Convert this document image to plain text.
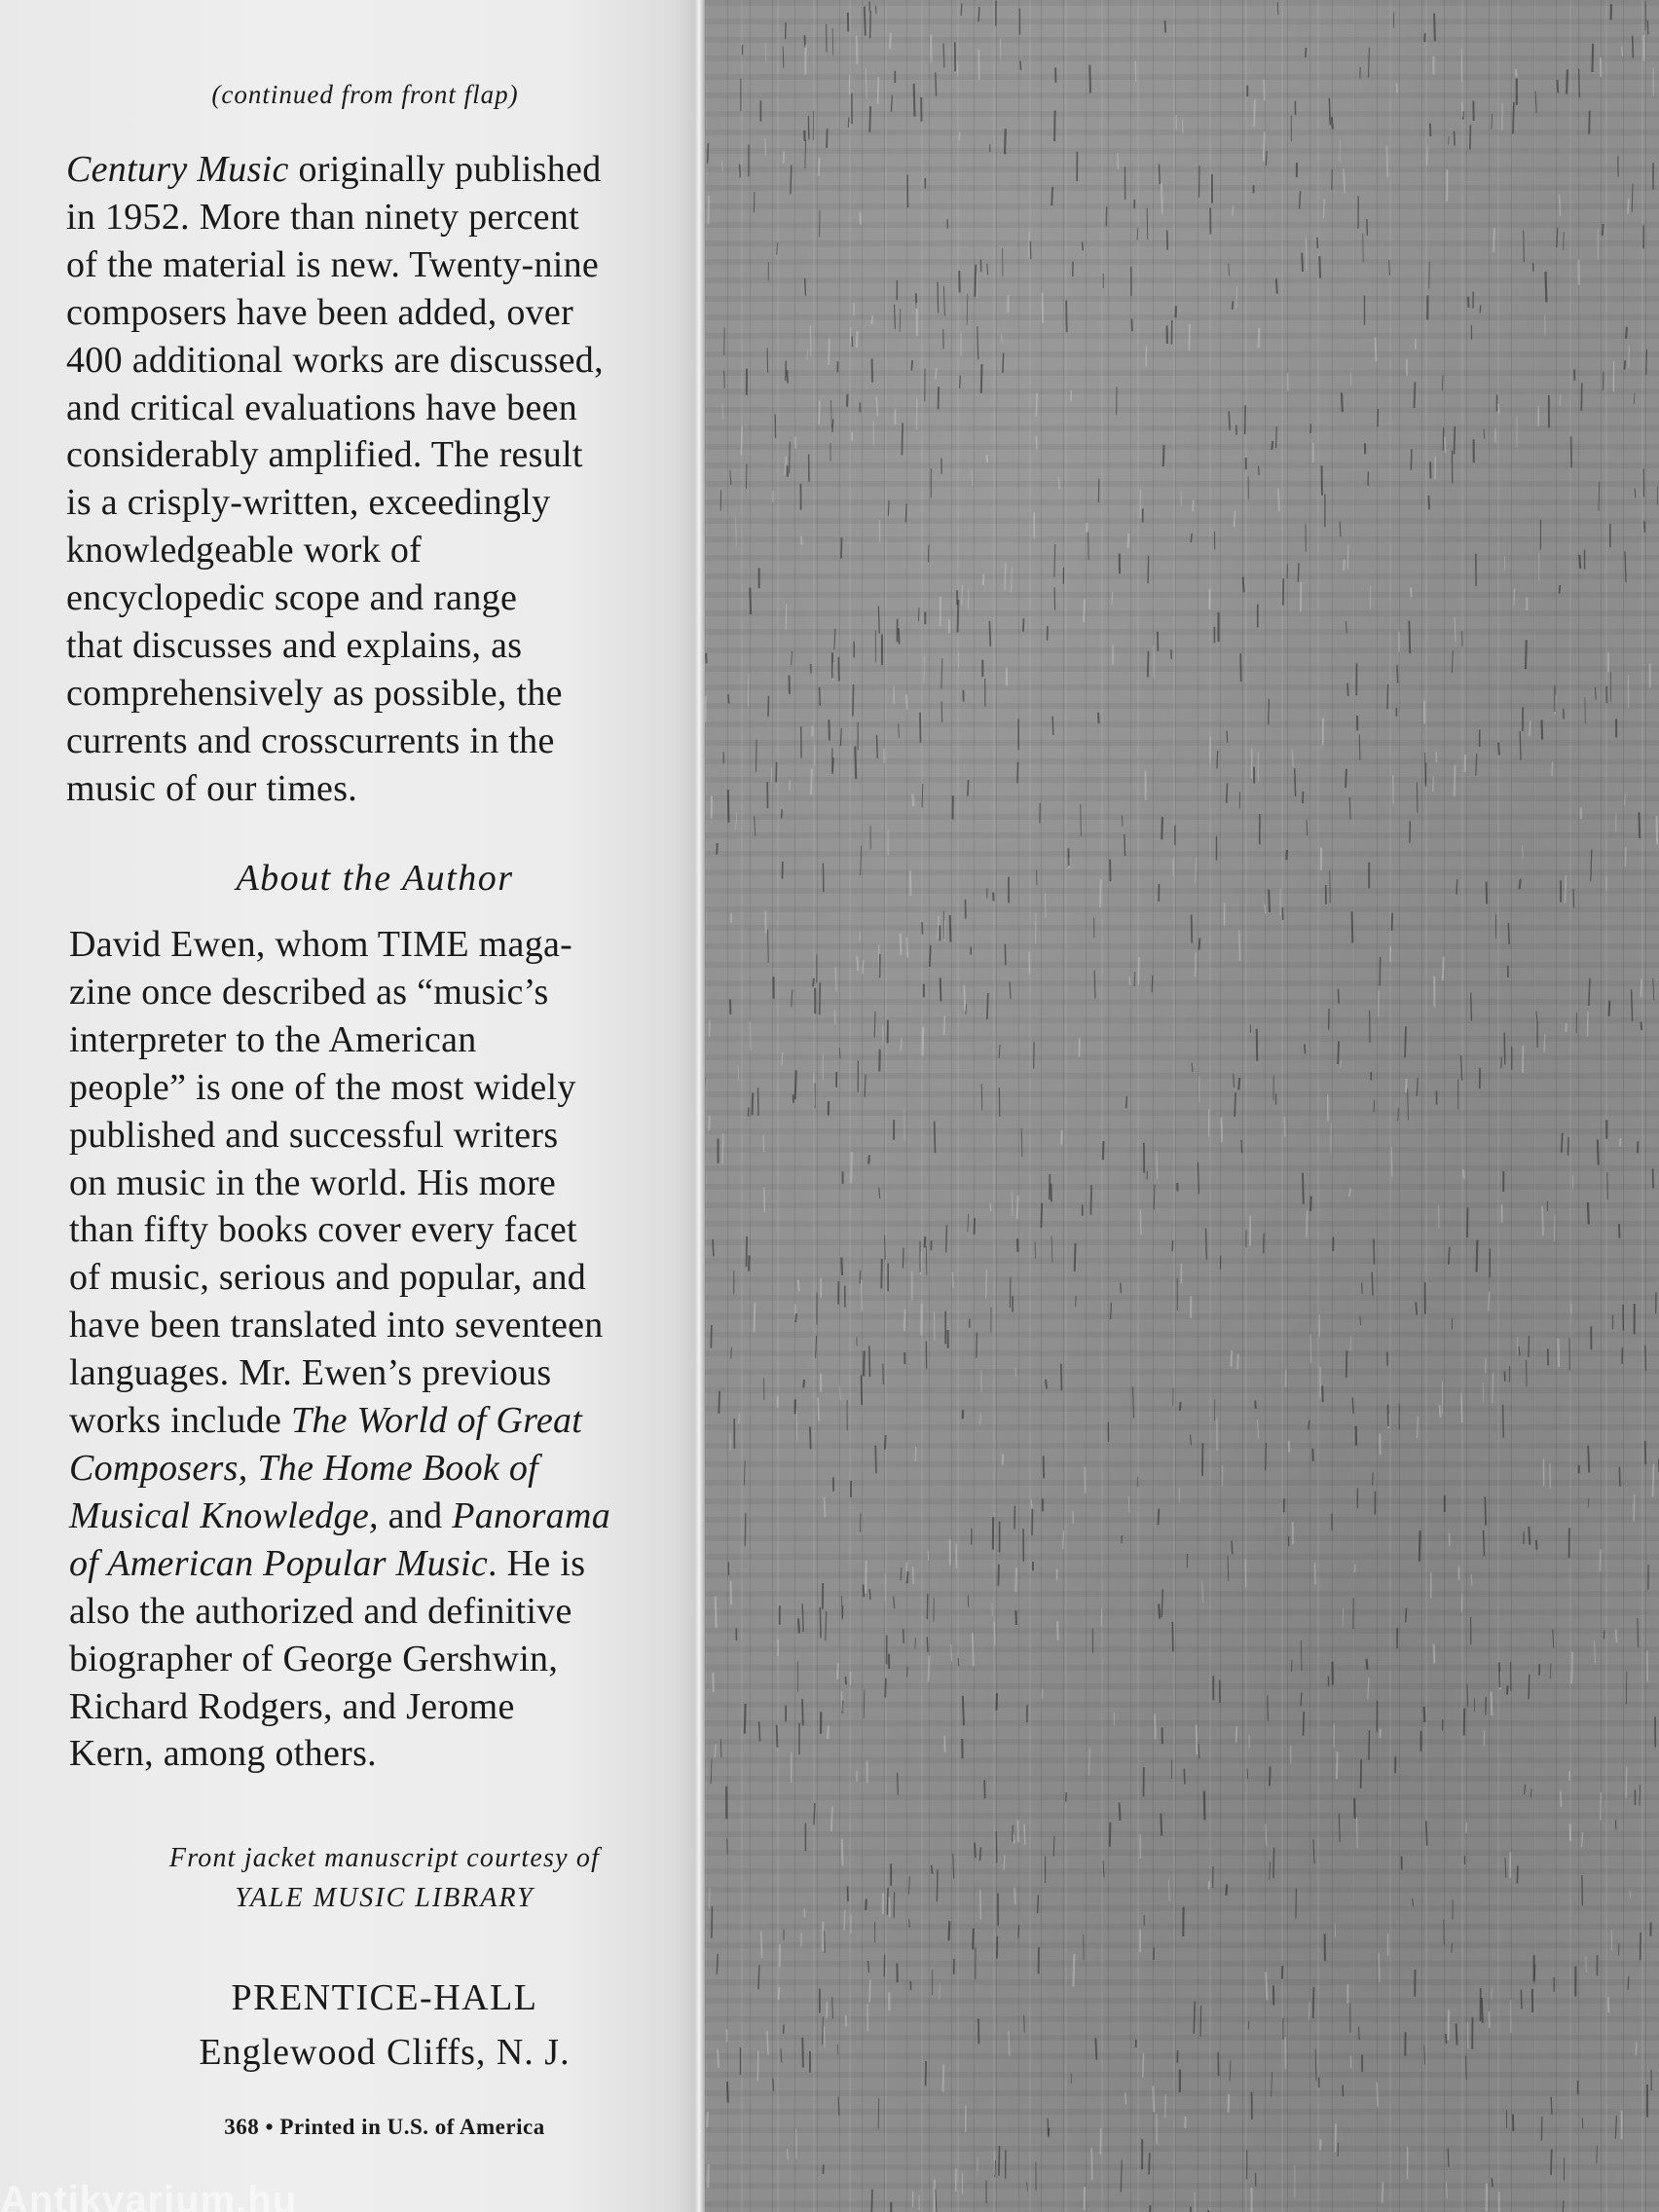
(continued from front flap)
Century Music originally published
in 1952. More than ninety percent
of the material is new. Twenty-nine
composers have been added, over
400 additional works are discussed,
and critical evaluations have been
considerably amplified. The result
is a crisply-written, exceedingly
knowledgeable work of
encyclopedic scope and range
that discusses and explains, as
comprehensively as possible, the
currents and crosscurrents in the
music of our times.
About the Author
David Ewen, whom TIME maga-
zine once described as “music’s
interpreter to the American
people” is one of the most widely
published and successful writers
on music in the world. His more
than fifty books cover every facet
of music, serious and popular, and
have been translated into seventeen
languages. Mr. Ewen’s previous
works include The World of Great
Composers, The Home Book of
Musical Knowledge, and Panorama
of American Popular Music. He is
also the authorized and definitive
biographer of George Gershwin,
Richard Rodgers, and Jerome
Kern, among others.
Front jacket manuscript courtesy of
YALE MUSIC LIBRARY
PRENTICE-HALL
Englewood Cliffs, N. J.
368 • Printed in U.S. of America
Antikvarium.hu
